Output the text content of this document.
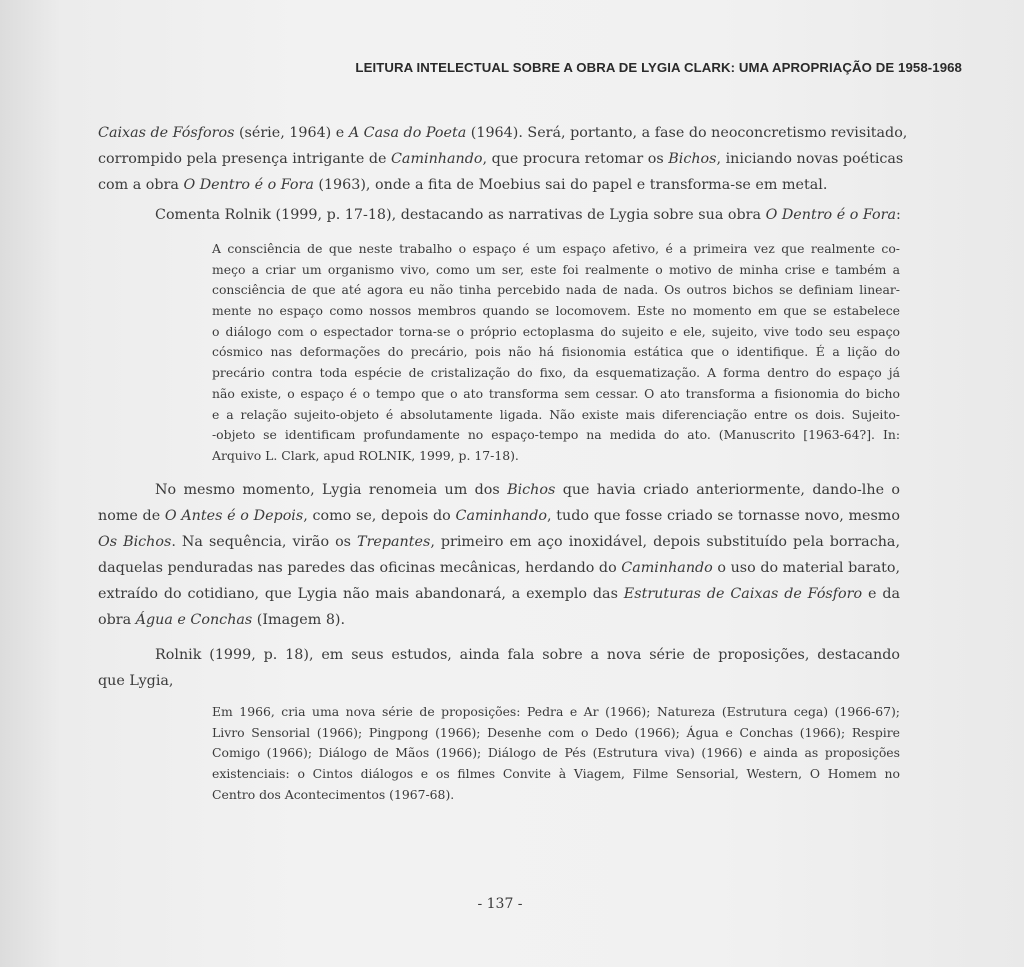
LEITURA INTELECTUAL SOBRE A OBRA DE LYGIA CLARK: UMA APROPRIAÇÃO DE 1958-1968
Caixas de Fósforos (série, 1964) e A Casa do Poeta (1964). Será, portanto, a fase do neoconcretismo revisitado,
corrompido pela presença intrigante de Caminhando, que procura retomar os Bichos, iniciando novas poéticas
com a obra O Dentro é o Fora (1963), onde a fita de Moebius sai do papel e transforma-se em metal.
Comenta Rolnik (1999, p. 17-18), destacando as narrativas de Lygia sobre sua obra O Dentro é o Fora:
A consciência de que neste trabalho o espaço é um espaço afetivo, é a primeira vez que realmente co-
meço a criar um organismo vivo, como um ser, este foi realmente o motivo de minha crise e também a
consciência de que até agora eu não tinha percebido nada de nada. Os outros bichos se definiam linear-
mente no espaço como nossos membros quando se locomovem. Este no momento em que se estabelece
o diálogo com o espectador torna-se o próprio ectoplasma do sujeito e ele, sujeito, vive todo seu espaço
cósmico nas deformações do precário, pois não há fisionomia estática que o identifique. É a lição do
precário contra toda espécie de cristalização do fixo, da esquematização. A forma dentro do espaço já
não existe, o espaço é o tempo que o ato transforma sem cessar. O ato transforma a fisionomia do bicho
e a relação sujeito-objeto é absolutamente ligada. Não existe mais diferenciação entre os dois. Sujeito-
-objeto se identificam profundamente no espaço-tempo na medida do ato. (Manuscrito [1963-64?]. In:
Arquivo L. Clark, apud ROLNIK, 1999, p. 17-18).
No mesmo momento, Lygia renomeia um dos Bichos que havia criado anteriormente, dando-lhe o
nome de O Antes é o Depois, como se, depois do Caminhando, tudo que fosse criado se tornasse novo, mesmo
Os Bichos. Na sequência, virão os Trepantes, primeiro em aço inoxidável, depois substituído pela borracha,
daquelas penduradas nas paredes das oficinas mecânicas, herdando do Caminhando o uso do material barato,
extraído do cotidiano, que Lygia não mais abandonará, a exemplo das Estruturas de Caixas de Fósforo e da
obra Água e Conchas (Imagem 8).
Rolnik (1999, p. 18), em seus estudos, ainda fala sobre a nova série de proposições, destacando
que Lygia,
Em 1966, cria uma nova série de proposições: Pedra e Ar (1966); Natureza (Estrutura cega) (1966-67);
Livro Sensorial (1966); Pingpong (1966); Desenhe com o Dedo (1966); Água e Conchas (1966); Respire
Comigo (1966); Diálogo de Mãos (1966); Diálogo de Pés (Estrutura viva) (1966) e ainda as proposições
existenciais: o Cintos diálogos e os filmes Convite à Viagem, Filme Sensorial, Western, O Homem no
Centro dos Acontecimentos (1967-68).
- 137 -
